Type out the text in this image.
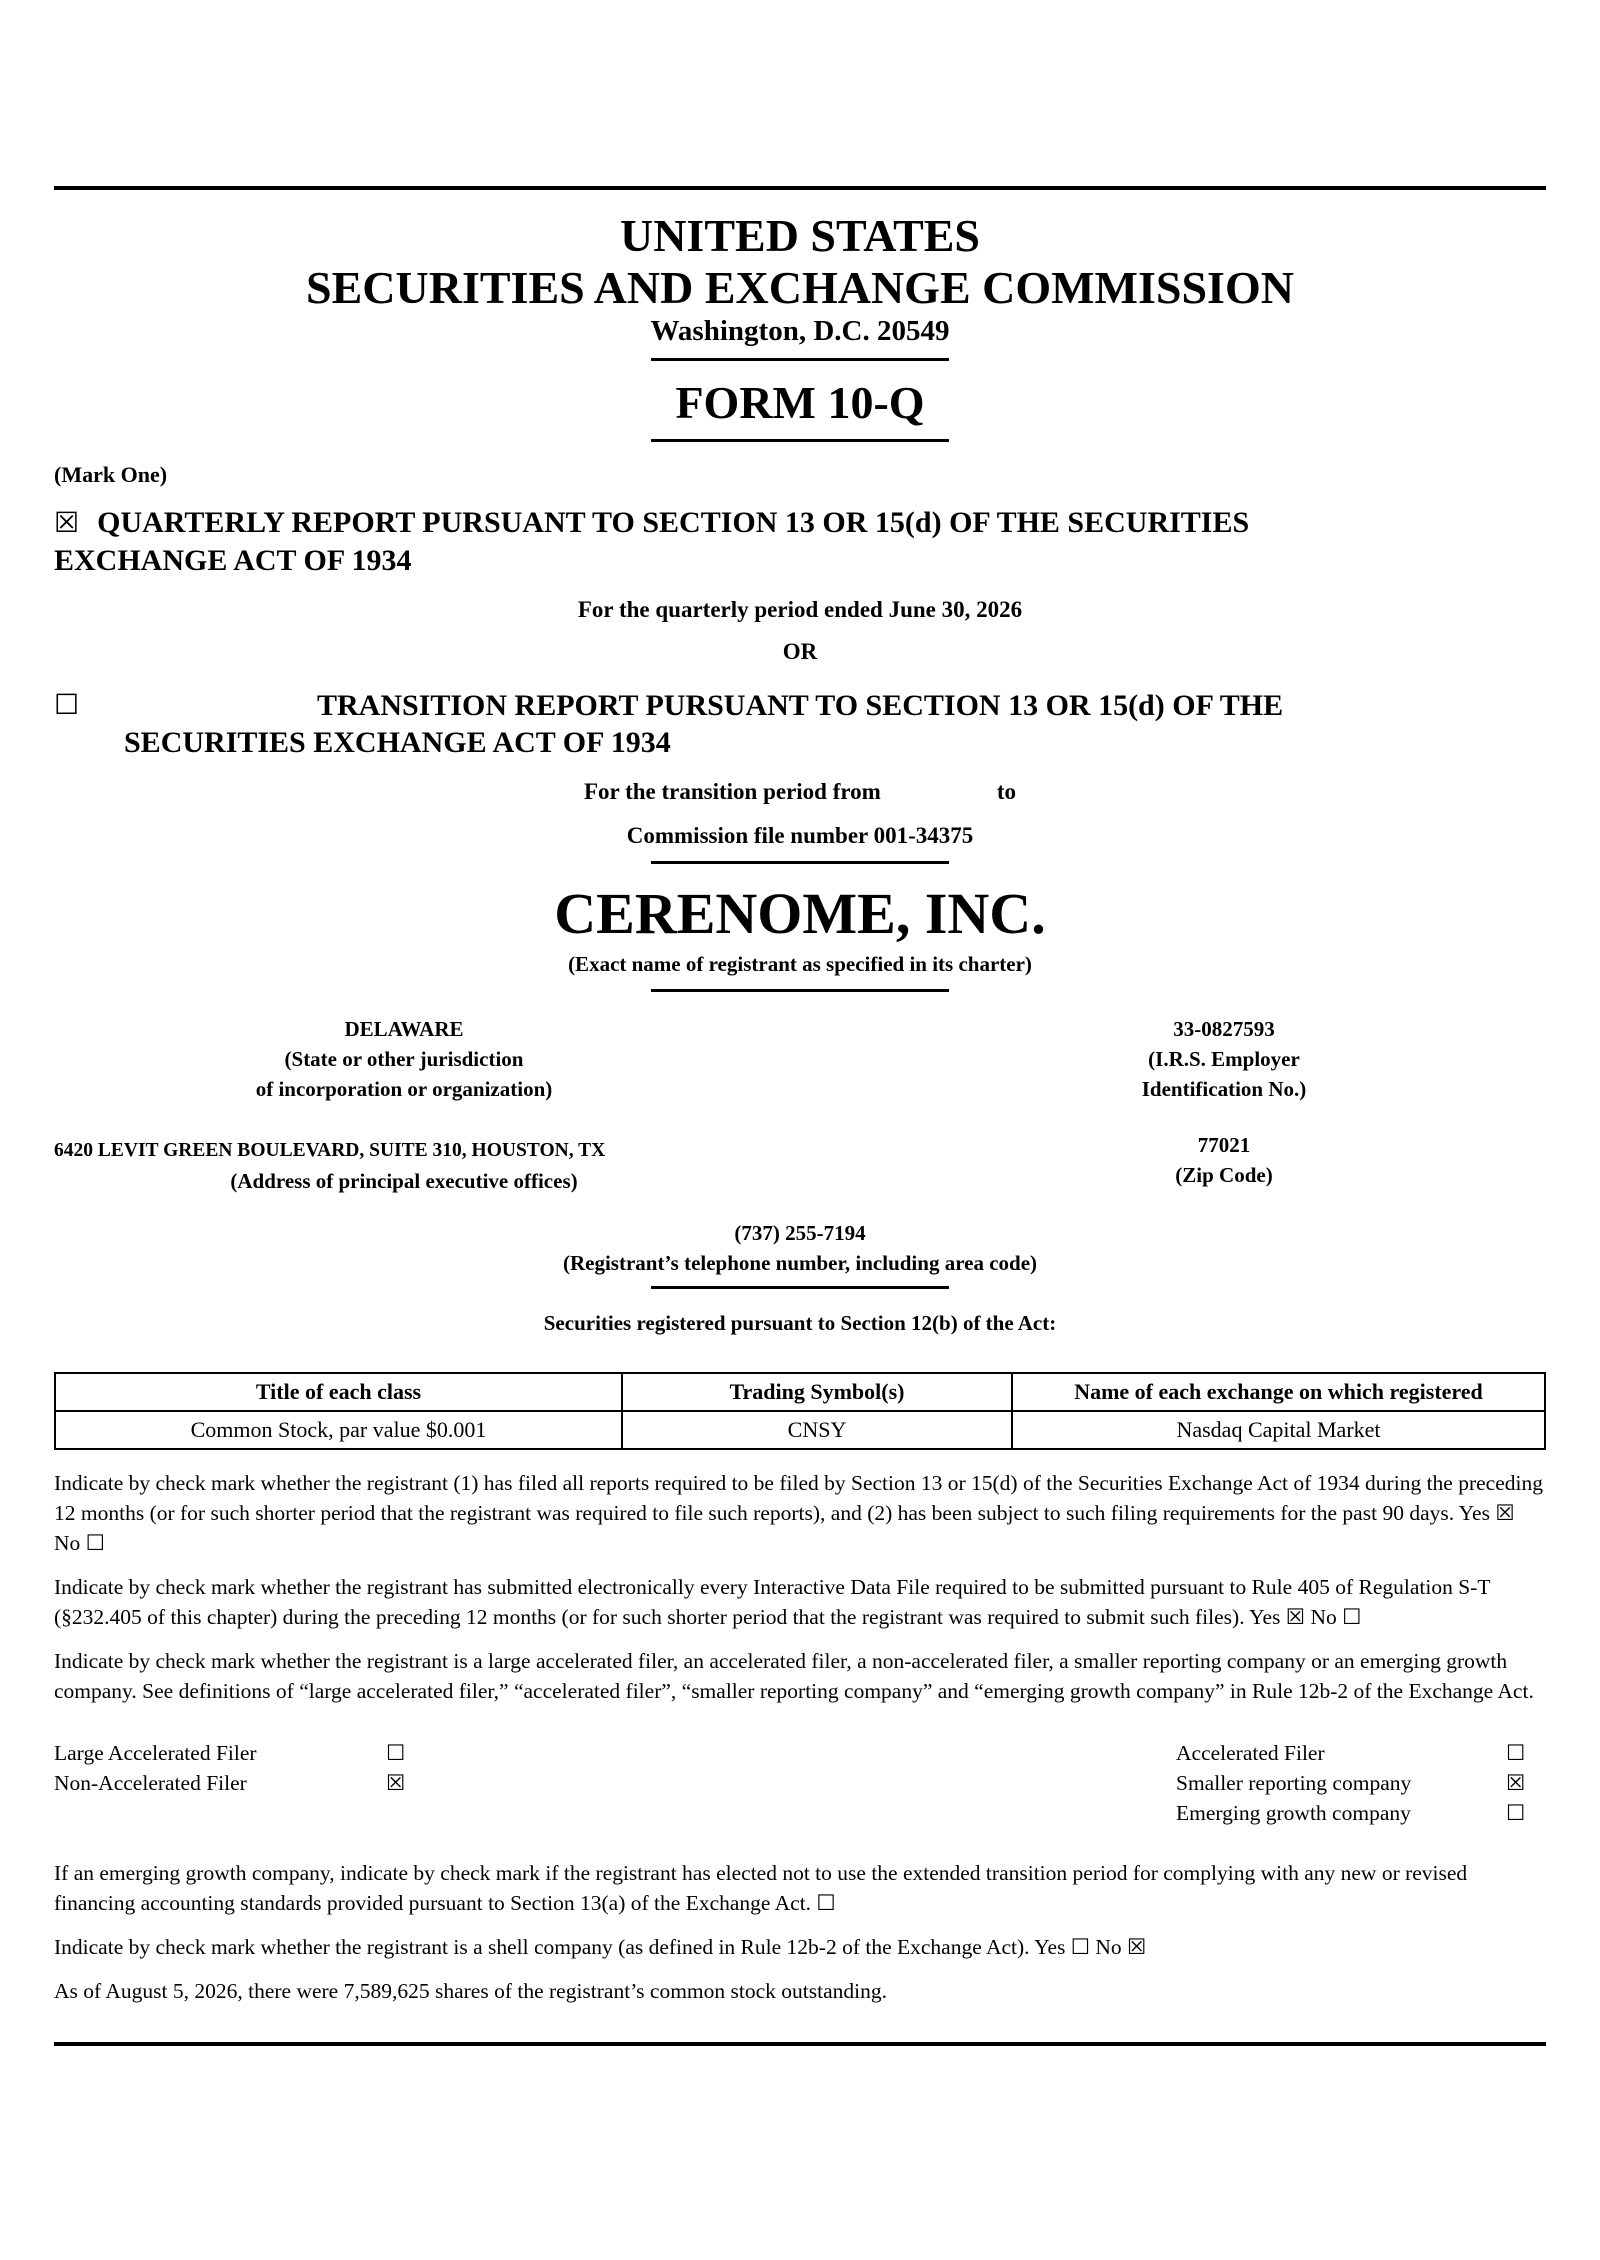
UNITED STATES
SECURITIES AND EXCHANGE COMMISSION
Washington, D.C. 20549
FORM 10-Q
(Mark One)
☒ QUARTERLY REPORT PURSUANT TO SECTION 13 OR 15(d) OF THE SECURITIES
EXCHANGE ACT OF 1934
For the quarterly period ended June 30, 2026
OR
☐	TRANSITION REPORT PURSUANT TO SECTION 13 OR 15(d) OF THE
SECURITIES EXCHANGE ACT OF 1934
For the transition period from	to
Commission file number 001-34375
CERENOME, INC.
(Exact name of registrant as specified in its charter)
DELAWARE
(State or other jurisdiction
of incorporation or organization)
33-0827593
(I.R.S. Employer
Identification No.)
6420 LEVIT GREEN BOULEVARD, SUITE 310, HOUSTON, TX
(Address of principal executive offices)
77021
(Zip Code)
(737) 255-7194
(Registrant’s telephone number, including area code)
Securities registered pursuant to Section 12(b) of the Act:
Title of each class	Trading Symbol(s)	Name of each exchange on which registered
Common Stock, par value $0.001	CNSY	Nasdaq Capital Market
Indicate by check mark whether the registrant (1) has filed all reports required to be filed by Section 13 or 15(d) of the Securities Exchange Act of 1934 during the preceding 12 months (or for such shorter period that the registrant was required to file such reports), and (2) has been subject to such filing requirements for the past 90 days. Yes ☒ No ☐
Indicate by check mark whether the registrant has submitted electronically every Interactive Data File required to be submitted pursuant to Rule 405 of Regulation S-T (§232.405 of this chapter) during the preceding 12 months (or for such shorter period that the registrant was required to submit such files). Yes ☒ No ☐
Indicate by check mark whether the registrant is a large accelerated filer, an accelerated filer, a non-accelerated filer, a smaller reporting company or an emerging growth company. See definitions of “large accelerated filer,” “accelerated filer”, “smaller reporting company” and “emerging growth company” in Rule 12b-2 of the Exchange Act.
Large Accelerated Filer	☐
Non-Accelerated Filer	☒
Accelerated Filer	☐
Smaller reporting company	☒
Emerging growth company	☐
If an emerging growth company, indicate by check mark if the registrant has elected not to use the extended transition period for complying with any new or revised financing accounting standards provided pursuant to Section 13(a) of the Exchange Act. ☐
Indicate by check mark whether the registrant is a shell company (as defined in Rule 12b-2 of the Exchange Act). Yes ☐ No ☒
As of August 5, 2026, there were 7,589,625 shares of the registrant’s common stock outstanding.
